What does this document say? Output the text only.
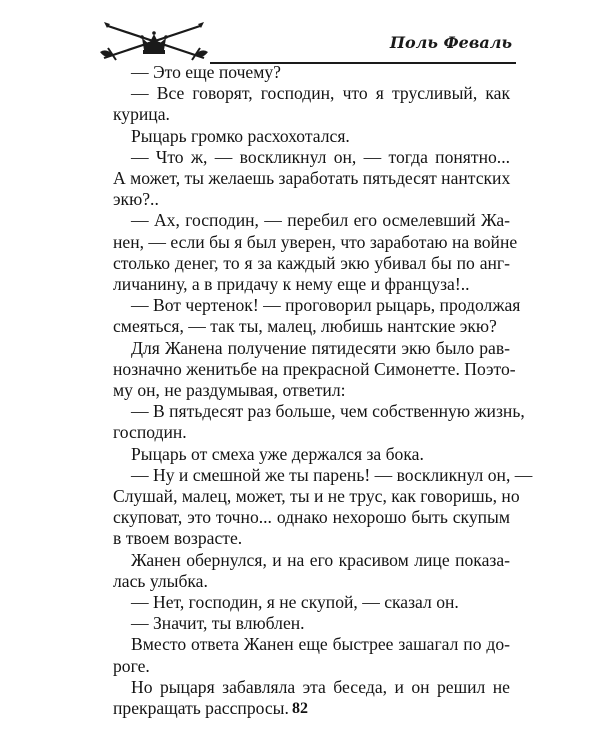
Поль Феваль
— Это еще почему?
— Все говорят, господин, что я трусливый, как
курица.
Рыцарь громко расхохотался.
— Что ж, — воскликнул он, — тогда понятно...
А может, ты желаешь заработать пятьдесят нантских
экю?..
— Ах, господин, — перебил его осмелевший Жа-
нен, — если бы я был уверен, что заработаю на войне
столько денег, то я за каждый экю убивал бы по анг-
личанину, а в придачу к нему еще и француза!..
— Вот чертенок! — проговорил рыцарь, продолжая
смеяться, — так ты, малец, любишь нантские экю?
Для Жанена получение пятидесяти экю было рав-
нозначно женитьбе на прекрасной Симонетте. Поэто-
му он, не раздумывая, ответил:
— В пятьдесят раз больше, чем собственную жизнь,
господин.
Рыцарь от смеха уже держался за бока.
— Ну и смешной же ты парень! — воскликнул он, —
Слушай, малец, может, ты и не трус, как говоришь, но
скуповат, это точно... однако нехорошо быть скупым
в твоем возрасте.
Жанен обернулся, и на его красивом лице показа-
лась улыбка.
— Нет, господин, я не скупой, — сказал он.
— Значит, ты влюблен.
Вместо ответа Жанен еще быстрее зашагал по до-
роге.
Но рыцаря забавляла эта беседа, и он решил не
прекращать расспросы. 82
